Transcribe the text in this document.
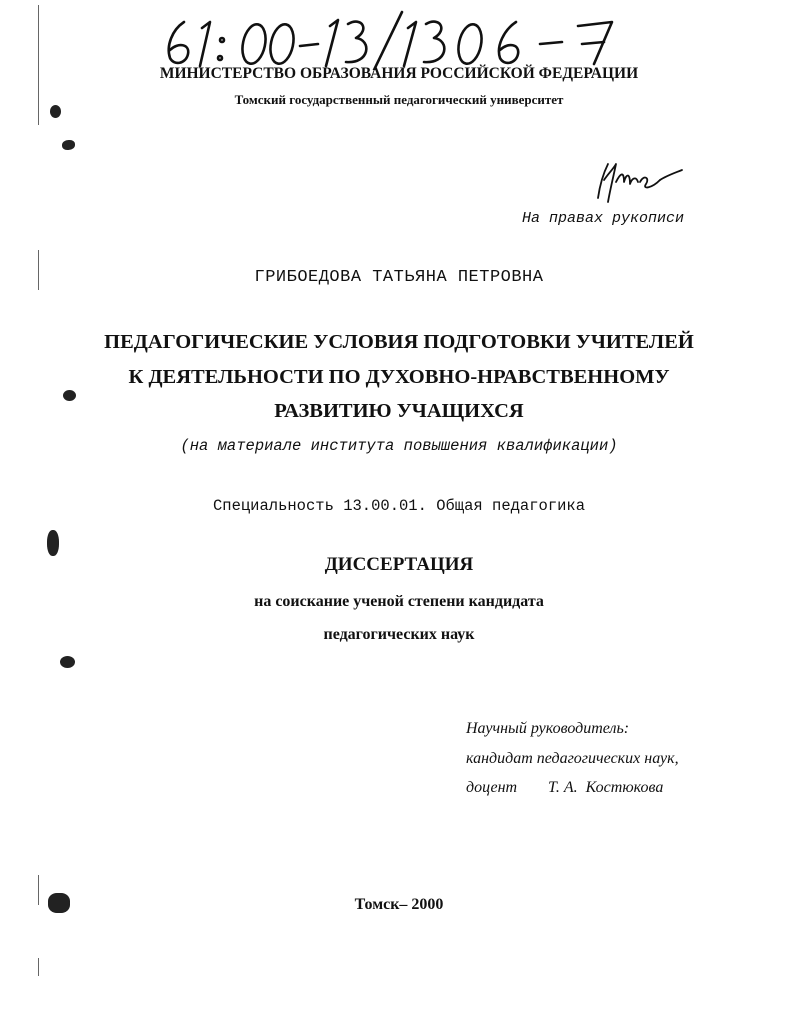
МИНИСТЕРСТВО ОБРАЗОВАНИЯ РОССИЙСКОЙ ФЕДЕРАЦИИ
Томский государственный педагогический университет
На правах рукописи
ГРИБОЕДОВА ТАТЬЯНА ПЕТРОВНА
ПЕДАГОГИЧЕСКИЕ УСЛОВИЯ ПОДГОТОВКИ УЧИТЕЛЕЙ
К ДЕЯТЕЛЬНОСТИ ПО ДУХОВНО-НРАВСТВЕННОМУ
РАЗВИТИЮ УЧАЩИХСЯ
(на материале института повышения квалификации)
Специальность 13.00.01. Общая педагогика
ДИССЕРТАЦИЯ
на соискание ученой степени кандидата
педагогических наук
Научный руководитель:
кандидат педагогических наук,
доцент Т. А.  Костюкова
Томск– 2000
